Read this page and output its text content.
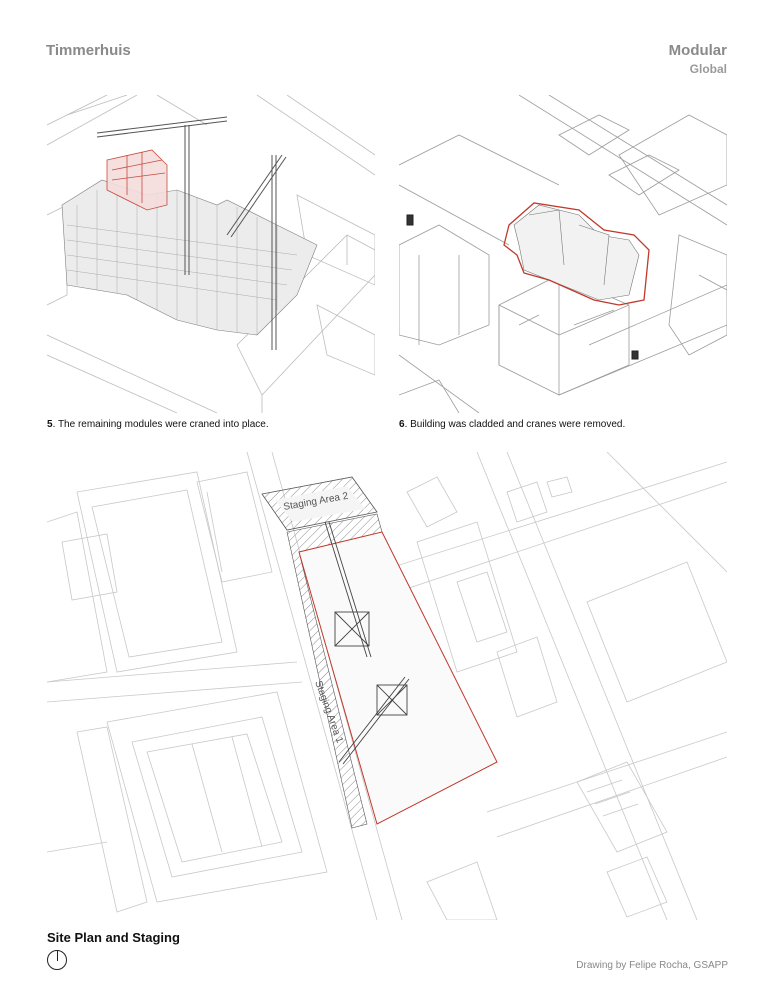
Timmerhuis	Modular
Global
5. The remaining modules were craned into place.	6. Building was cladded and cranes were removed.
Staging Area 2
Staging Area 1
Site Plan and Staging
Drawing by Felipe Rocha, GSAPP
